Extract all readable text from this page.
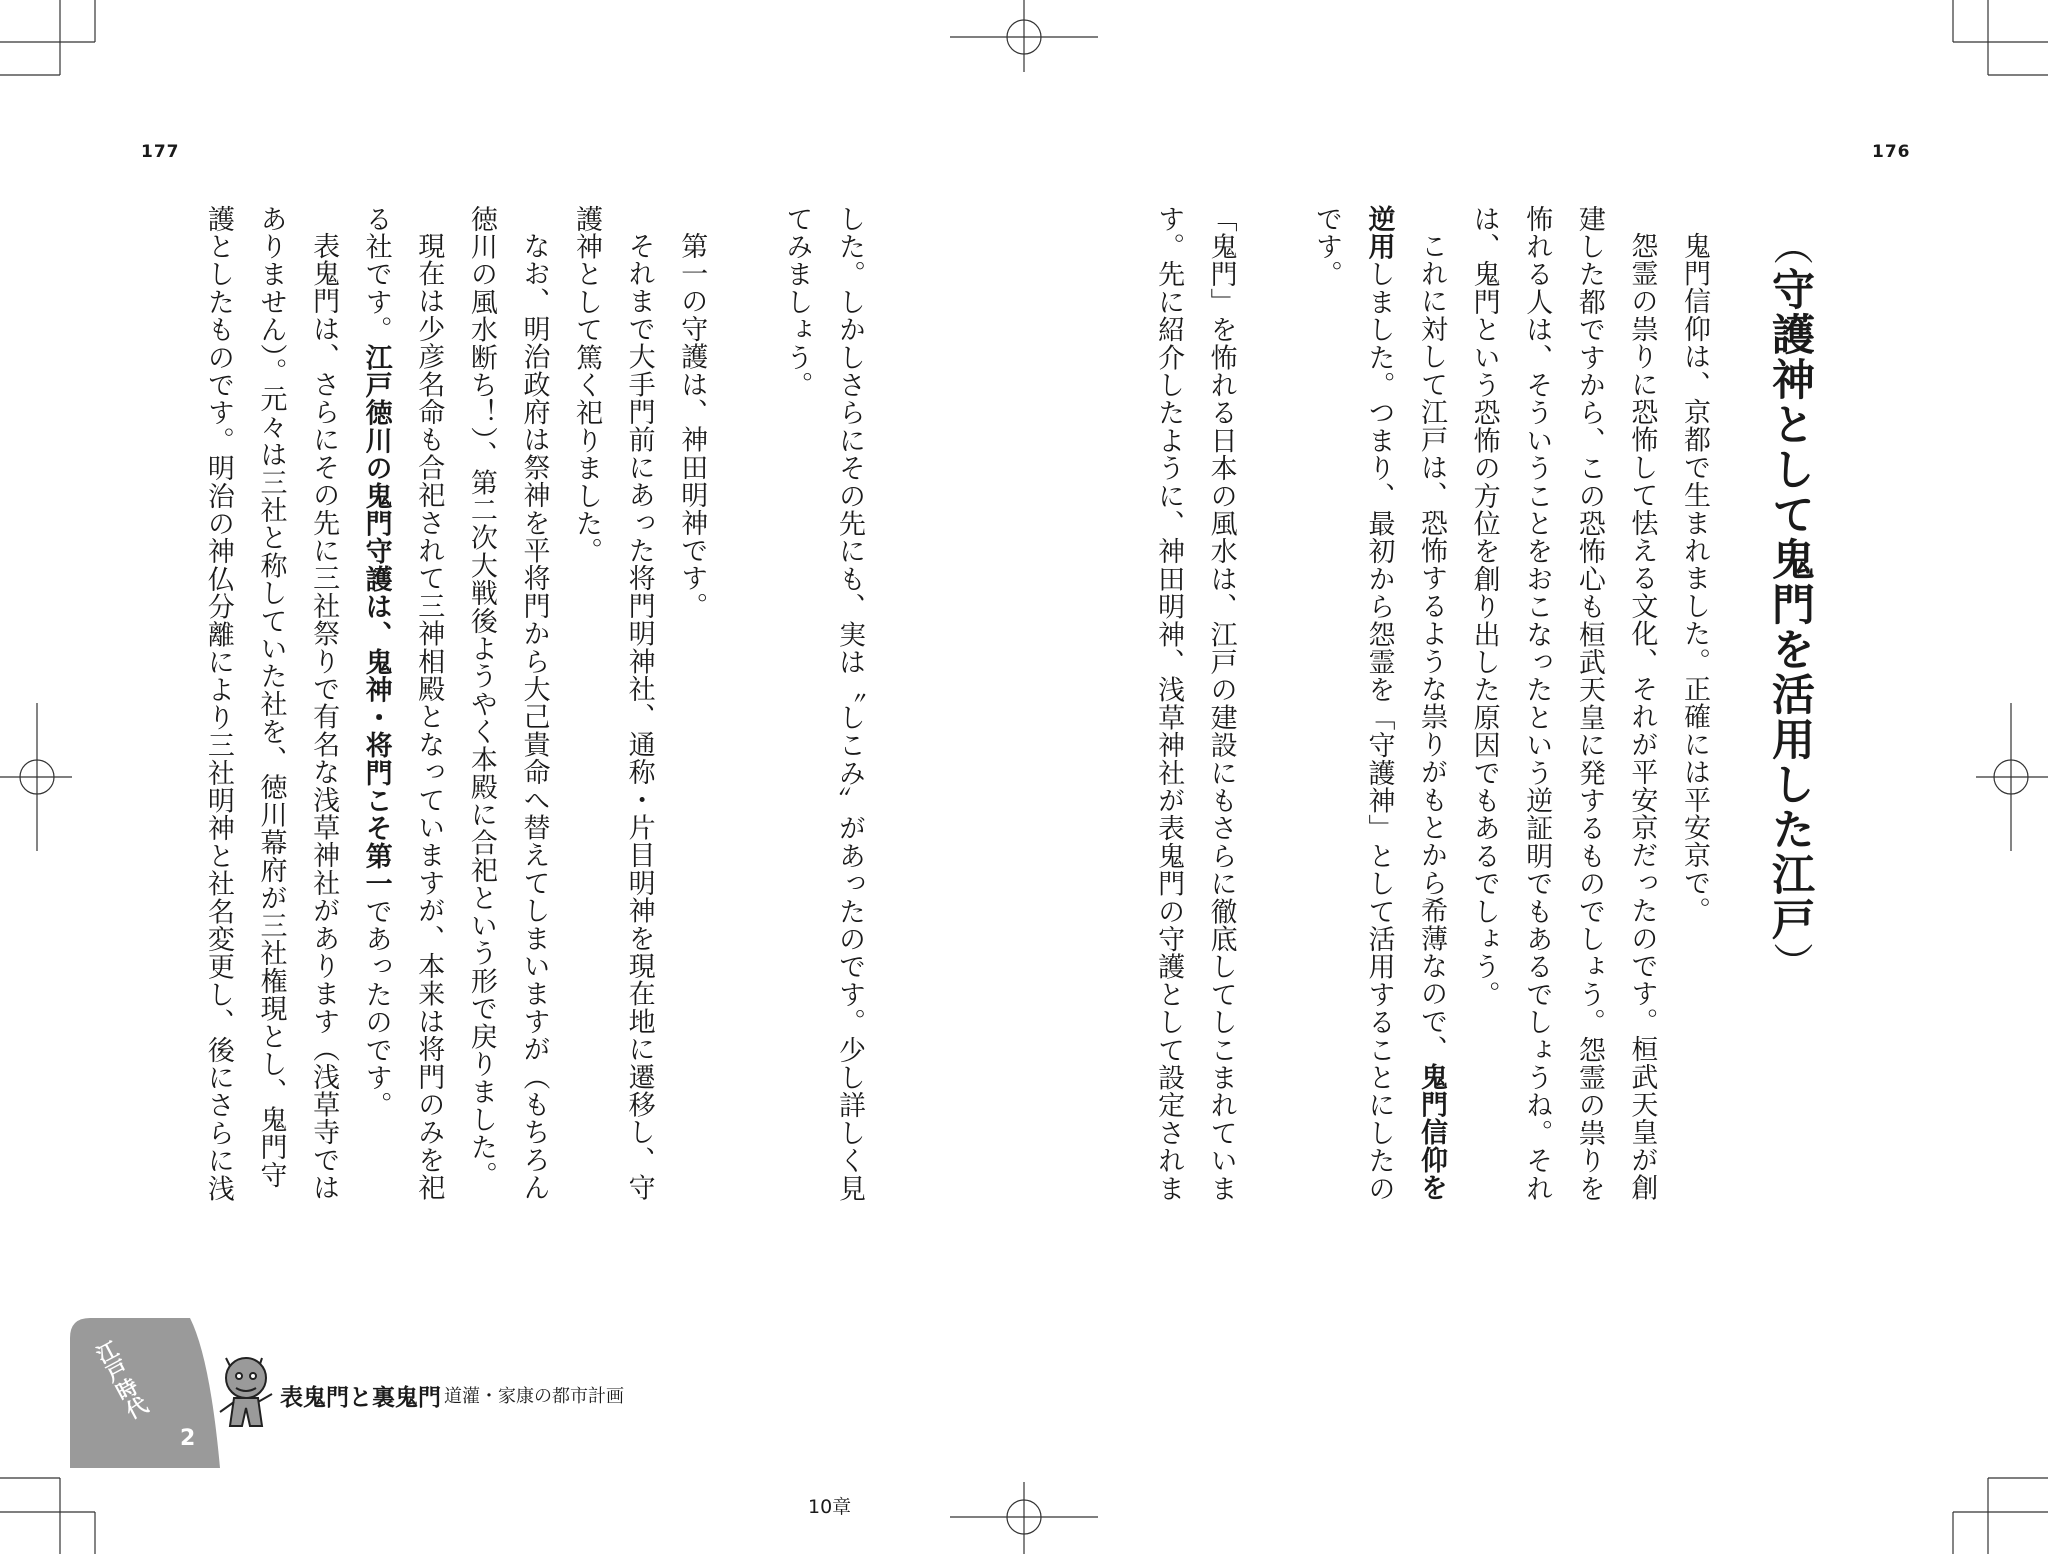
177	176
（守護神として鬼門を活用した江戸）
鬼門信仰は、京都で生まれました。正確には平安京で。
怨霊の祟りに恐怖して怯える文化、それが平安京だったのです。桓武天皇が創
建した都ですから、この恐怖心も桓武天皇に発するものでしょう。怨霊の祟りを
怖れる人は、そういうことをおこなったという逆証明でもあるでしょうね。それ
は、鬼門という恐怖の方位を創り出した原因でもあるでしょう。
これに対して江戸は、恐怖するような祟りがもとから希薄なので、鬼門信仰を
逆用しました。つまり、最初から怨霊を「守護神」として活用することにしたの
です。

「鬼門」を怖れる日本の風水は、江戸の建設にもさらに徹底してしこまれていま
す。先に紹介したように、神田明神、浅草神社が表鬼門の守護として設定されま
した。しかしさらにその先にも、実は〝しこみ〟があったのです。少し詳しく見
てみましょう。

第一の守護は、神田明神です。
それまで大手門前にあった将門明神社、通称・片目明神を現在地に遷移し、守
護神として篤く祀りました。
なお、明治政府は祭神を平将門から大己貴命へ替えてしまいますが（もちろん
徳川の風水断ち！）、第二次大戦後ようやく本殿に合祀という形で戻りました。
現在は少彦名命も合祀されて三神相殿となっていますが、本来は将門のみを祀
る社です。江戸徳川の鬼門守護は、鬼神・将門こそ第一であったのです。
表鬼門は、さらにその先に三社祭りで有名な浅草神社があります（浅草寺では
ありません）。元々は三社と称していた社を、徳川幕府が三社権現とし、鬼門守
護としたものです。明治の神仏分離により三社明神と社名変更し、後にさらに浅
江戸時代
2
表鬼門と裏鬼門 道灌・家康の都市計画
10章
